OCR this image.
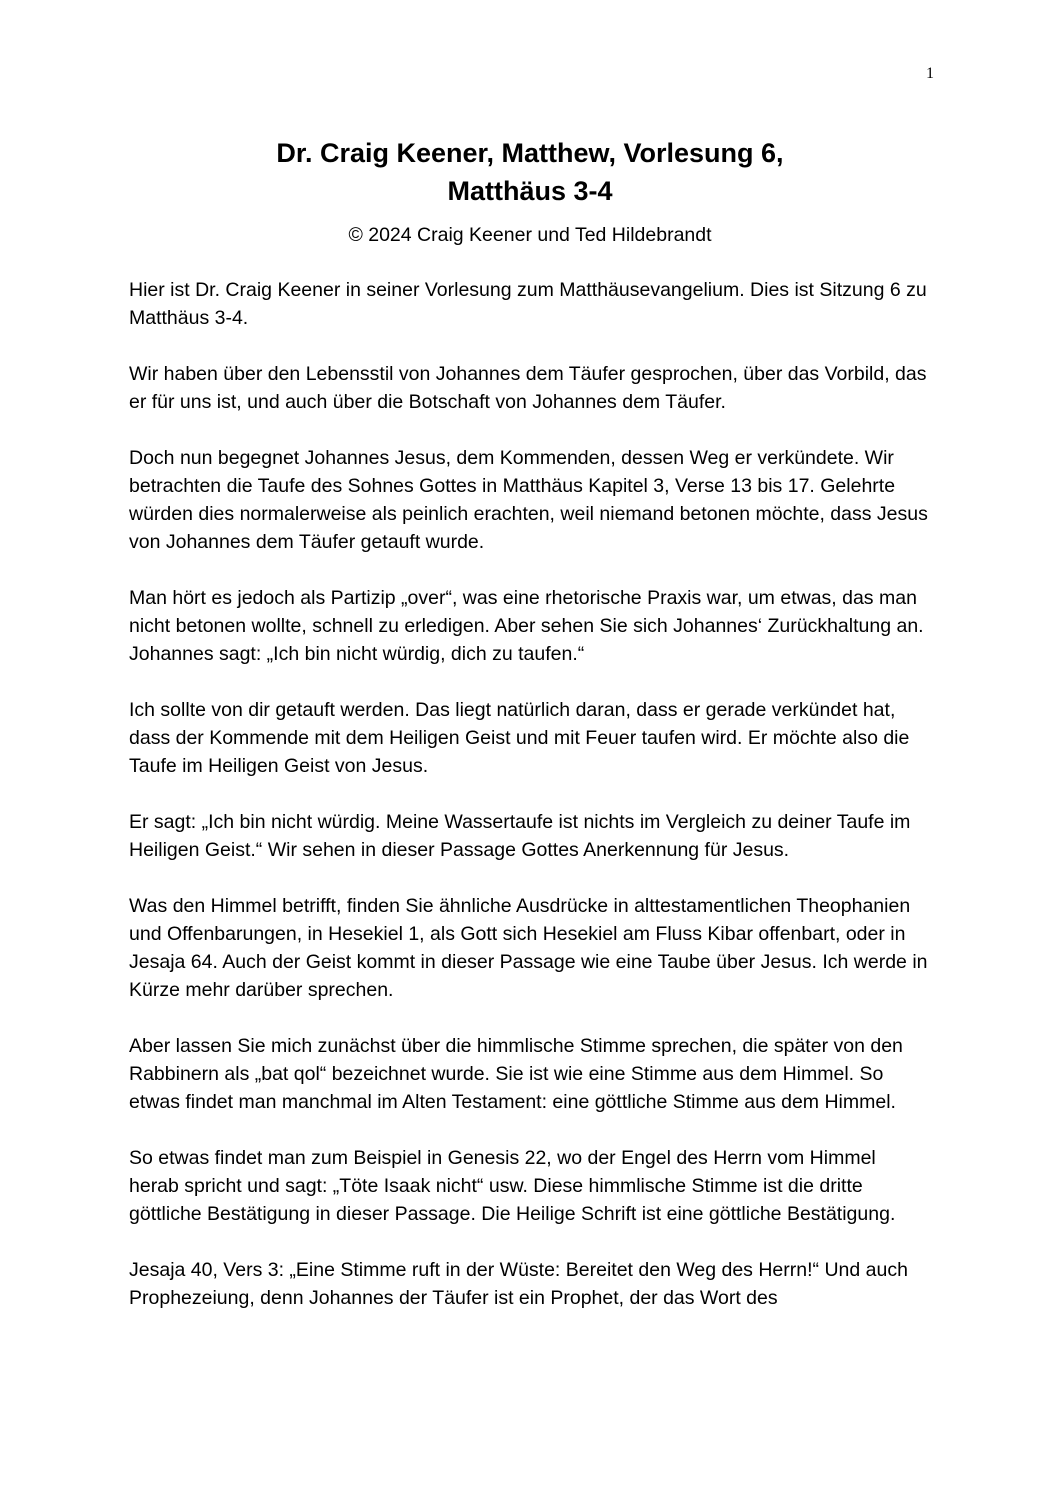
1
Dr. Craig Keener, Matthew, Vorlesung 6,
Matthäus 3-4

© 2024 Craig Keener und Ted Hildebrandt

Hier ist Dr. Craig Keener in seiner Vorlesung zum Matthäusevangelium. Dies ist Sitzung 6 zu Matthäus 3-4.

Wir haben über den Lebensstil von Johannes dem Täufer gesprochen, über das Vorbild, das er für uns ist, und auch über die Botschaft von Johannes dem Täufer.

Doch nun begegnet Johannes Jesus, dem Kommenden, dessen Weg er verkündete. Wir betrachten die Taufe des Sohnes Gottes in Matthäus Kapitel 3, Verse 13 bis 17. Gelehrte würden dies normalerweise als peinlich erachten, weil niemand betonen möchte, dass Jesus von Johannes dem Täufer getauft wurde.

Man hört es jedoch als Partizip „over“, was eine rhetorische Praxis war, um etwas, das man nicht betonen wollte, schnell zu erledigen. Aber sehen Sie sich Johannes‘ Zurückhaltung an. Johannes sagt: „Ich bin nicht würdig, dich zu taufen.“

Ich sollte von dir getauft werden. Das liegt natürlich daran, dass er gerade verkündet hat, dass der Kommende mit dem Heiligen Geist und mit Feuer taufen wird. Er möchte also die Taufe im Heiligen Geist von Jesus.

Er sagt: „Ich bin nicht würdig. Meine Wassertaufe ist nichts im Vergleich zu deiner Taufe im Heiligen Geist.“ Wir sehen in dieser Passage Gottes Anerkennung für Jesus.

Was den Himmel betrifft, finden Sie ähnliche Ausdrücke in alttestamentlichen Theophanien und Offenbarungen, in Hesekiel 1, als Gott sich Hesekiel am Fluss Kibar offenbart, oder in Jesaja 64. Auch der Geist kommt in dieser Passage wie eine Taube über Jesus. Ich werde in Kürze mehr darüber sprechen.

Aber lassen Sie mich zunächst über die himmlische Stimme sprechen, die später von den Rabbinern als „bat qol“ bezeichnet wurde. Sie ist wie eine Stimme aus dem Himmel. So etwas findet man manchmal im Alten Testament: eine göttliche Stimme aus dem Himmel.

So etwas findet man zum Beispiel in Genesis 22, wo der Engel des Herrn vom Himmel herab spricht und sagt: „Töte Isaak nicht“ usw. Diese himmlische Stimme ist die dritte göttliche Bestätigung in dieser Passage. Die Heilige Schrift ist eine göttliche Bestätigung.

Jesaja 40, Vers 3: „Eine Stimme ruft in der Wüste: Bereitet den Weg des Herrn!“ Und auch Prophezeiung, denn Johannes der Täufer ist ein Prophet, der das Wort des
